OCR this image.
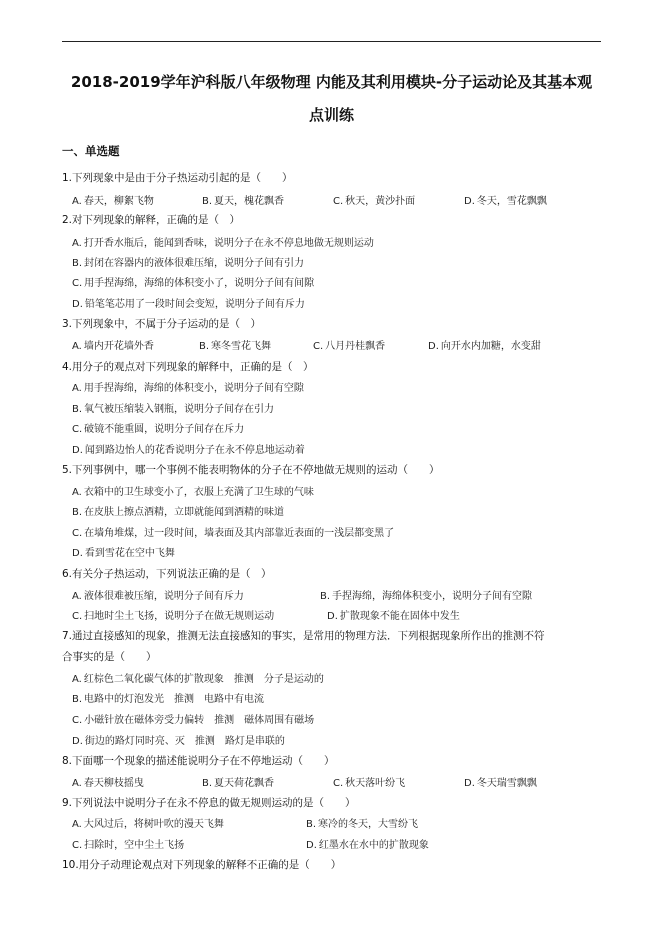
2018-2019学年沪科版八年级物理 内能及其利用模块-分子运动论及其基本观
点训练
一、单选题
1.下列现象中是由于分子热运动引起的是（　　）
A. 春天，柳絮飞物	B. 夏天，槐花飘香	C. 秋天，黄沙扑面	D. 冬天，雪花飘飘
2.对下列现象的解释，正确的是（　）
A. 打开香水瓶后，能闻到香味，说明分子在永不停息地做无规则运动
B. 封闭在容器内的液体很难压缩，说明分子间有引力
C. 用手捏海绵，海绵的体积变小了，说明分子间有间隙
D. 铅笔笔芯用了一段时间会变短，说明分子间有斥力
3.下列现象中，不属于分子运动的是（　）
A. 墙内开花墙外香	B. 寒冬雪花飞舞	C. 八月丹桂飘香	D. 向开水内加糖，水变甜
4.用分子的观点对下列现象的解释中，正确的是（　）
A. 用手捏海绵，海绵的体积变小，说明分子间有空隙
B. 氧气被压缩装入钢瓶，说明分子间存在引力
C. 破镜不能重圆，说明分子间存在斥力
D. 闻到路边怡人的花香说明分子在永不停息地运动着
5.下列事例中，哪一个事例不能表明物体的分子在不停地做无规则的运动（　　）
A. 衣箱中的卫生球变小了，衣服上充满了卫生球的气味
B. 在皮肤上擦点酒精，立即就能闻到酒精的味道
C. 在墙角堆煤，过一段时间，墙表面及其内部靠近表面的一浅层都变黑了
D. 看到雪花在空中飞舞
6.有关分子热运动，下列说法正确的是（　）
A. 液体很难被压缩，说明分子间有斥力	B. 手捏海绵，海绵体积变小，说明分子间有空隙
C. 扫地时尘土飞扬，说明分子在做无规则运动	D. 扩散现象不能在固体中发生
7.通过直接感知的现象，推测无法直接感知的事实，是常用的物理方法．下列根据现象所作出的推测不符
合事实的是（　　）
A. 红棕色二氧化碳气体的扩散现象　推测　分子是运动的
B. 电路中的灯泡发光　推测　电路中有电流
C. 小磁针放在磁体旁受力偏转　推测　磁体周围有磁场
D. 街边的路灯同时亮、灭　推测　路灯是串联的
8.下面哪一个现象的描述能说明分子在不停地运动（　　）
A. 春天柳枝摇曳	B. 夏天荷花飘香	C. 秋天落叶纷飞	D. 冬天瑞雪飘飘
9.下列说法中说明分子在永不停息的做无规则运动的是（　　）
A. 大风过后，将树叶吹的漫天飞舞	B. 寒冷的冬天，大雪纷飞
C. 扫除时，空中尘土飞扬	D. 红墨水在水中的扩散现象
10.用分子动理论观点对下列现象的解释不正确的是（　　）
